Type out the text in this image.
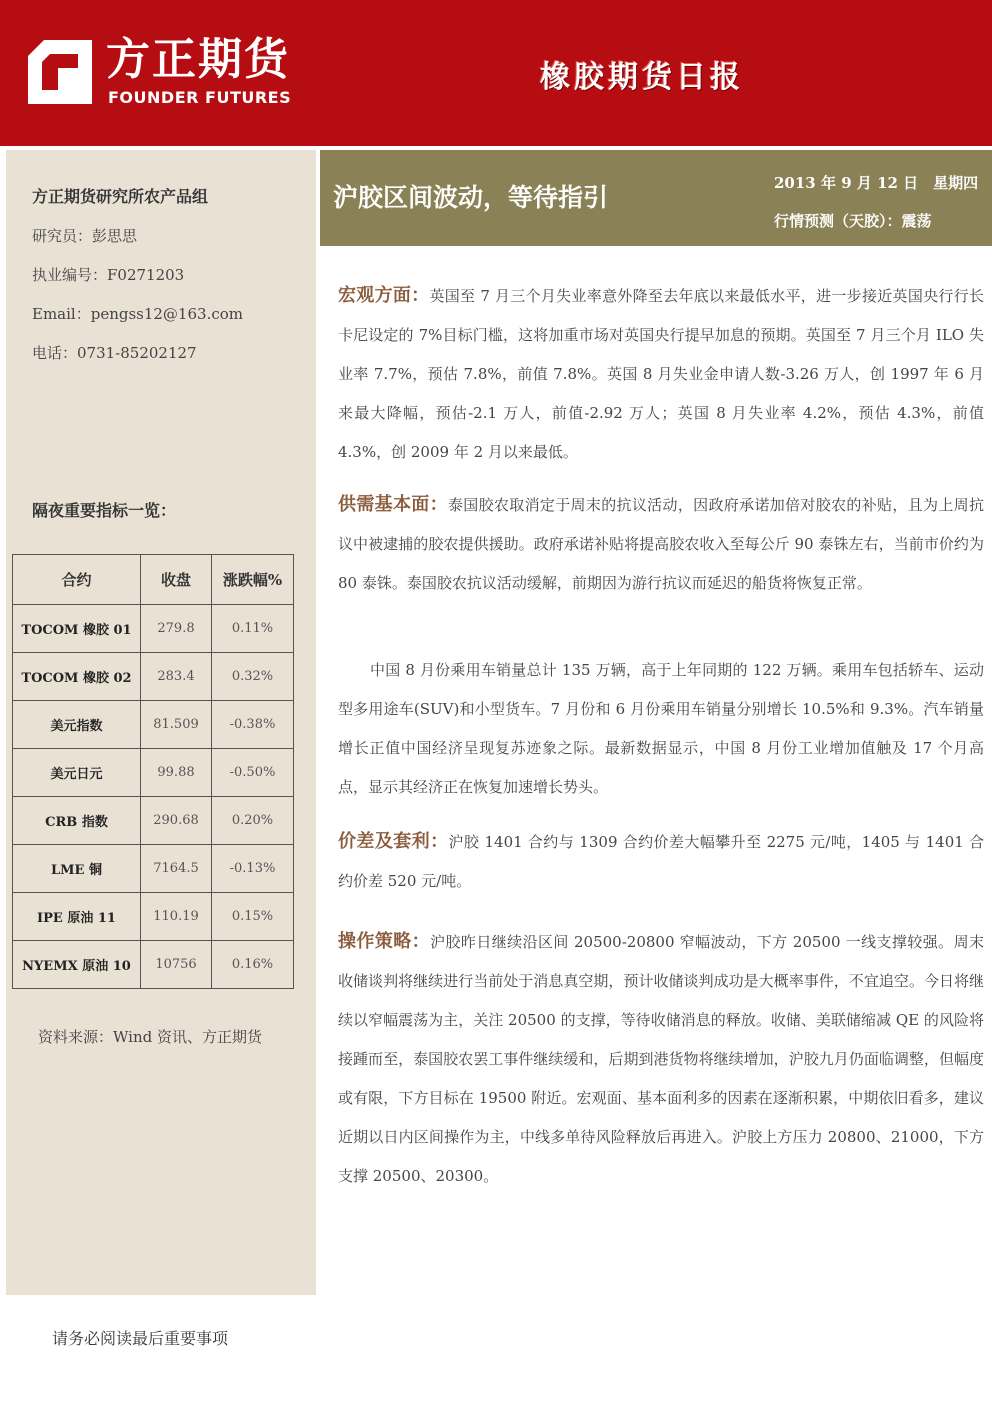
方正期货
FOUNDER FUTURES
橡胶期货日报
方正期货研究所农产品组
研究员：彭思思
执业编号：F0271203
Email：pengss12@163.com
电话：0731-85202127
隔夜重要指标一览：
合约	收盘	涨跌幅%
TOCOM 橡胶 01	279.8	0.11%
TOCOM 橡胶 02	283.4	0.32%
美元指数	81.509	-0.38%
美元日元	99.88	-0.50%
CRB 指数	290.68	0.20%
LME 铜	7164.5	-0.13%
IPE 原油 11	110.19	0.15%
NYEMX 原油 10	10756	0.16%
资料来源：Wind 资讯、方正期货
请务必阅读最后重要事项
沪胶区间波动，等待指引	2013 年 9 月 12 日　星期四
行情预测（天胶）：震荡

宏观方面：英国至 7 月三个月失业率意外降至去年底以来最低水平，进一步接近英国央行行长卡尼设定的 7%目标门槛，这将加重市场对英国央行提早加息的预期。英国至 7 月三个月 ILO 失业率 7.7%，预估 7.8%，前值 7.8%。英国 8 月失业金申请人数-3.26 万人，创 1997 年 6 月来最大降幅，预估-2.1 万人，前值-2.92 万人；英国 8 月失业率 4.2%，预估 4.3%，前值 4.3%，创 2009 年 2 月以来最低。

供需基本面：泰国胶农取消定于周末的抗议活动，因政府承诺加倍对胶农的补贴，且为上周抗议中被逮捕的胶农提供援助。政府承诺补贴将提高胶农收入至每公斤 90 泰铢左右，当前市价约为 80 泰铢。泰国胶农抗议活动缓解，前期因为游行抗议而延迟的船货将恢复正常。

中国 8 月份乘用车销量总计 135 万辆，高于上年同期的 122 万辆。乘用车包括轿车、运动型多用途车(SUV)和小型货车。7 月份和 6 月份乘用车销量分别增长 10.5%和 9.3%。汽车销量增长正值中国经济呈现复苏迹象之际。最新数据显示，中国 8 月份工业增加值触及 17 个月高点，显示其经济正在恢复加速增长势头。

价差及套利：沪胶 1401 合约与 1309 合约价差大幅攀升至 2275 元/吨，1405 与 1401 合约价差 520 元/吨。

操作策略：沪胶昨日继续沿区间 20500-20800 窄幅波动，下方 20500 一线支撑较强。周末收储谈判将继续进行当前处于消息真空期，预计收储谈判成功是大概率事件，不宜追空。今日将继续以窄幅震荡为主，关注 20500 的支撑，等待收储消息的释放。收储、美联储缩减 QE 的风险将接踵而至，泰国胶农罢工事件继续缓和，后期到港货物将继续增加，沪胶九月仍面临调整，但幅度或有限，下方目标在 19500 附近。宏观面、基本面利多的因素在逐渐积累，中期依旧看多，建议近期以日内区间操作为主，中线多单待风险释放后再进入。沪胶上方压力 20800、21000，下方支撑 20500、20300。
